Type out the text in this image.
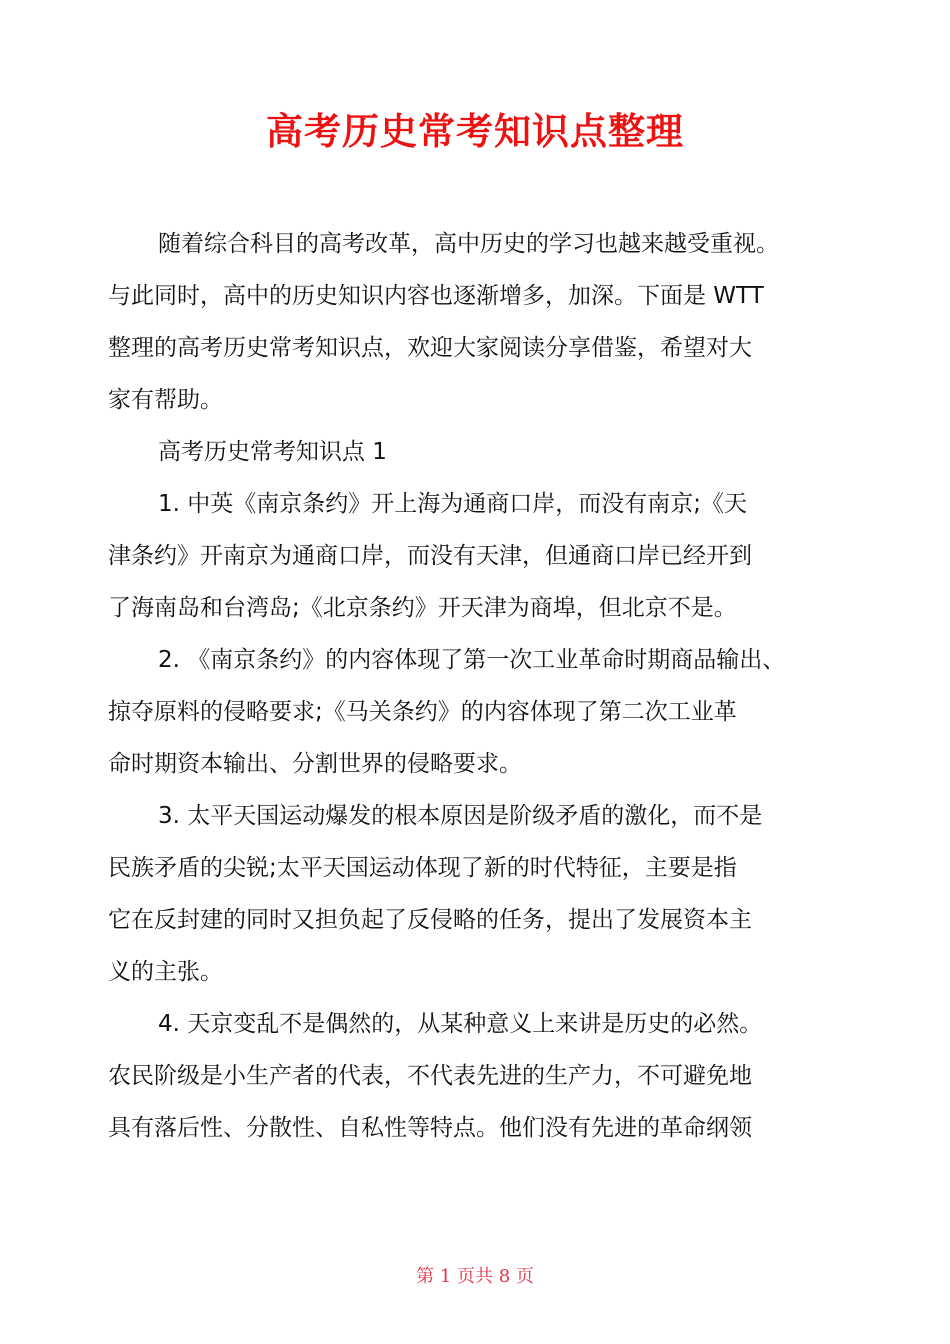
高考历史常考知识点整理
随着综合科目的高考改革，高中历史的学习也越来越受重视。
与此同时，高中的历史知识内容也逐渐增多，加深。下面是 WTT
整理的高考历史常考知识点，欢迎大家阅读分享借鉴，希望对大
家有帮助。
高考历史常考知识点 1
1. 中英《南京条约》开上海为通商口岸，而没有南京;《天
津条约》开南京为通商口岸，而没有天津，但通商口岸已经开到
了海南岛和台湾岛;《北京条约》开天津为商埠，但北京不是。
2. 《南京条约》的内容体现了第一次工业革命时期商品输出、
掠夺原料的侵略要求;《马关条约》的内容体现了第二次工业革
命时期资本输出、分割世界的侵略要求。
3. 太平天国运动爆发的根本原因是阶级矛盾的激化，而不是
民族矛盾的尖锐;太平天国运动体现了新的时代特征，主要是指
它在反封建的同时又担负起了反侵略的任务，提出了发展资本主
义的主张。
4. 天京变乱不是偶然的，从某种意义上来讲是历史的必然。
农民阶级是小生产者的代表，不代表先进的生产力，不可避免地
具有落后性、分散性、自私性等特点。他们没有先进的革命纲领
第 1 页共 8 页
